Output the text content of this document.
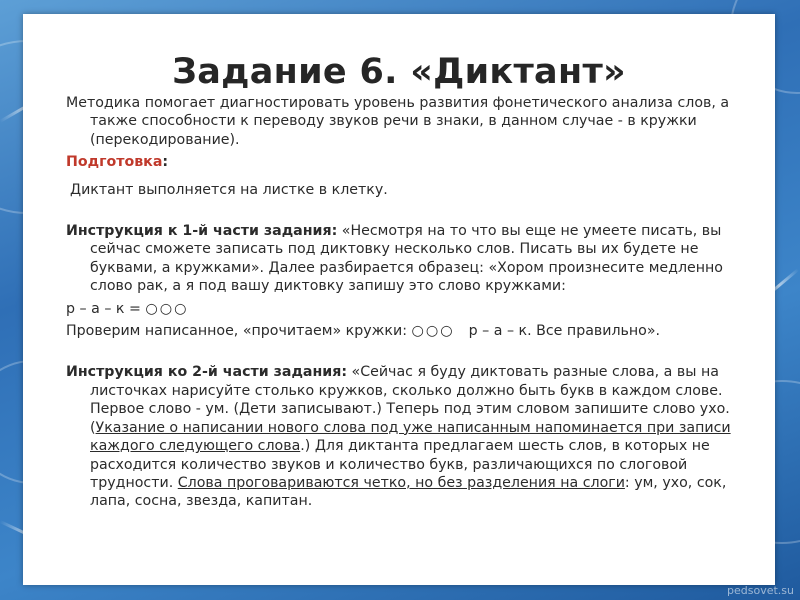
Задание 6. «Диктант»

Методика помогает диагностировать уровень развития фонетического анализа слов, а также способности к переводу звуков речи в знаки, в данном случае - в кружки (перекодирование).

Подготовка:

Диктант выполняется на листке в клетку.

Инструкция к 1-й части задания: «Несмотря на то что вы еще не умеете писать, вы сейчас сможете записать под диктовку несколько слов. Писать вы их будете не буквами, а кружками». Далее разбирается образец: «Хором произнесите медленно слово рак, а я под вашу диктовку запишу это слово кружками:

р – а – к = ○○○

Проверим написанное, «прочитаем» кружки: ○○○ р – а – к. Все правильно».

Инструкция ко 2-й части задания: «Сейчас я буду диктовать разные слова, а вы на листочках нарисуйте столько кружков, сколько должно быть букв в каждом слове. Первое слово - ум. (Дети записывают.) Теперь под этим словом запишите слово ухо. (Указание о написании нового слова под уже написанным напоминается при записи каждого следующего слова.) Для диктанта предлагаем шесть слов, в которых не расходится количество звуков и количество букв, различающихся по слоговой трудности. Слова проговариваются четко, но без разделения на слоги: ум, ухо, сок, лапа, сосна, звезда, капитан.

pedsovet.su
